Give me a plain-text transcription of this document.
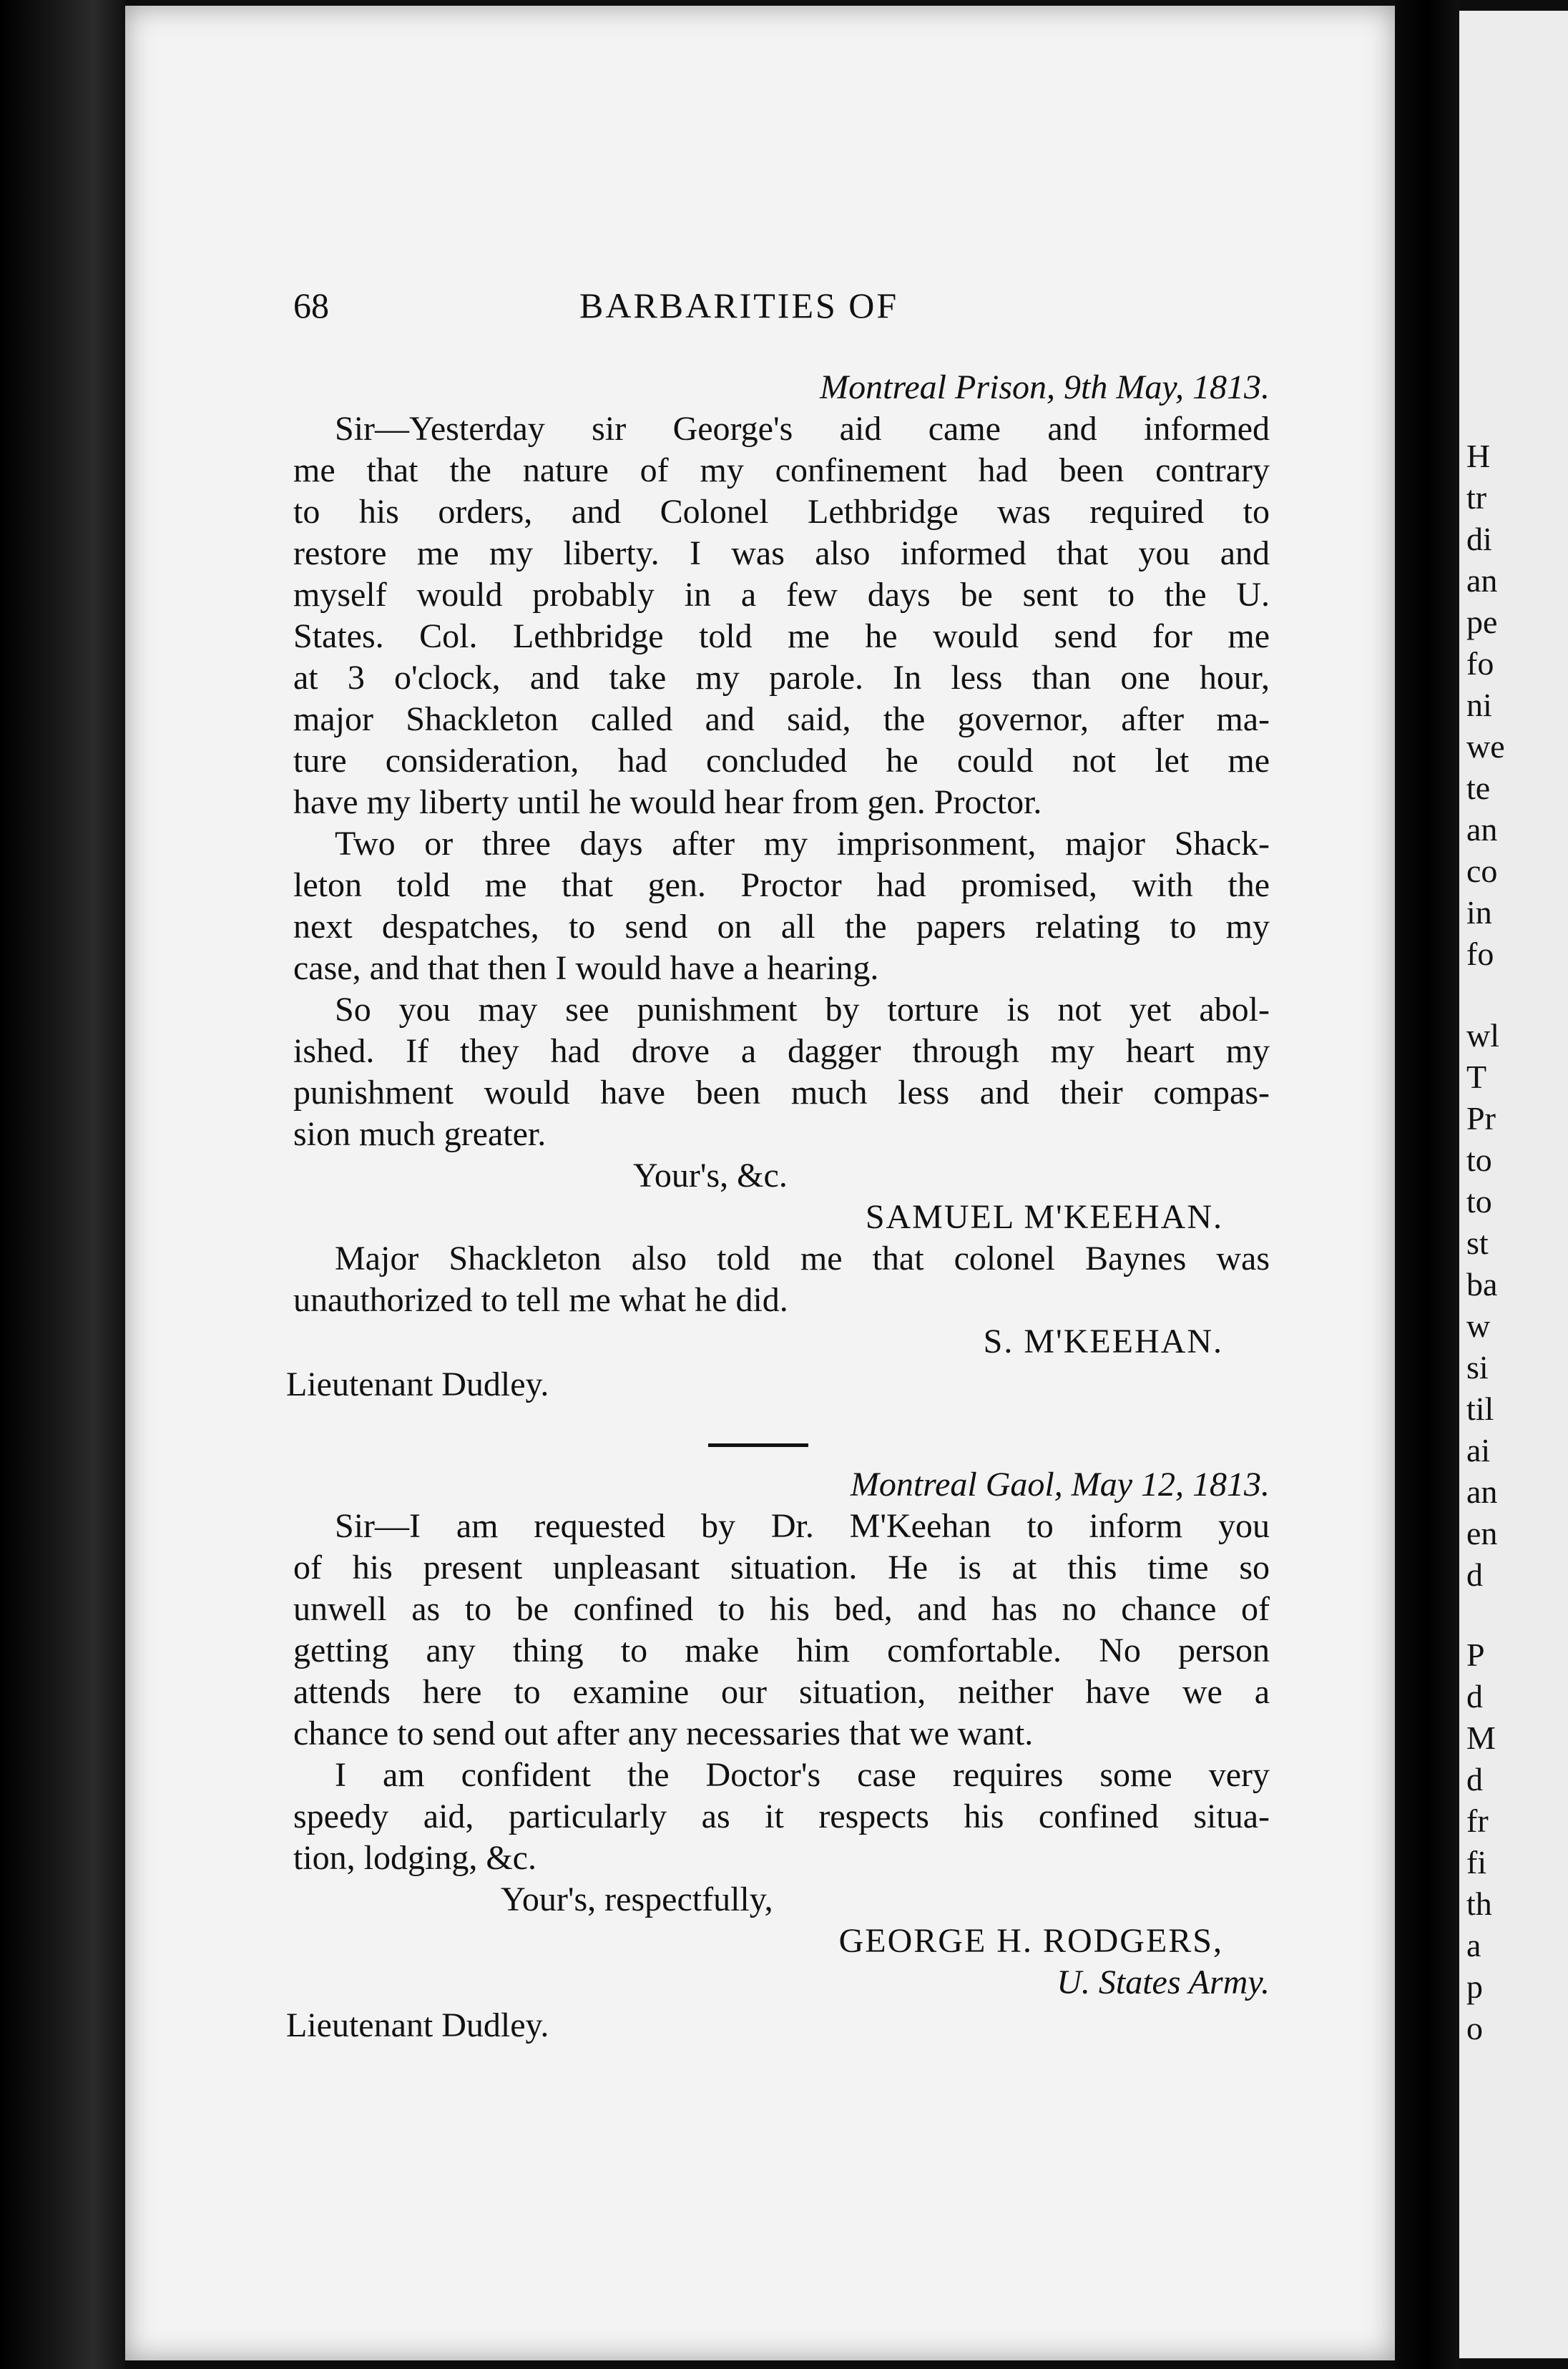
H
tr
di
an
pe
fo
ni
we
te
an
co
in
fo
wl
T
Pr
to
to
st
ba
w
si
til
ai
an
en
d
P
d
M
d
fr
fi
th
a
p
o
68	BARBARITIES OF
Montreal Prison, 9th May, 1813.
Sir—Yesterday sir George's aid came and informed
me that the nature of my confinement had been contrary
to his orders, and Colonel Lethbridge was required to
restore me my liberty. I was also informed that you and
myself would probably in a few days be sent to the U.
States. Col. Lethbridge told me he would send for me
at 3 o'clock, and take my parole. In less than one hour,
major Shackleton called and said, the governor, after ma-
ture consideration, had concluded he could not let me
have my liberty until he would hear from gen. Proctor.
Two or three days after my imprisonment, major Shack-
leton told me that gen. Proctor had promised, with the
next despatches, to send on all the papers relating to my
case, and that then I would have a hearing.
So you may see punishment by torture is not yet abol-
ished. If they had drove a dagger through my heart my
punishment would have been much less and their compas-
sion much greater.
Your's, &c.
SAMUEL M'KEEHAN.
Major Shackleton also told me that colonel Baynes was
unauthorized to tell me what he did.
S. M'KEEHAN.
Lieutenant Dudley.
Montreal Gaol, May 12, 1813.
Sir—I am requested by Dr. M'Keehan to inform you
of his present unpleasant situation. He is at this time so
unwell as to be confined to his bed, and has no chance of
getting any thing to make him comfortable. No person
attends here to examine our situation, neither have we a
chance to send out after any necessaries that we want.
I am confident the Doctor's case requires some very
speedy aid, particularly as it respects his confined situa-
tion, lodging, &c.
Your's, respectfully,
GEORGE H. RODGERS,
U. States Army.
Lieutenant Dudley.
